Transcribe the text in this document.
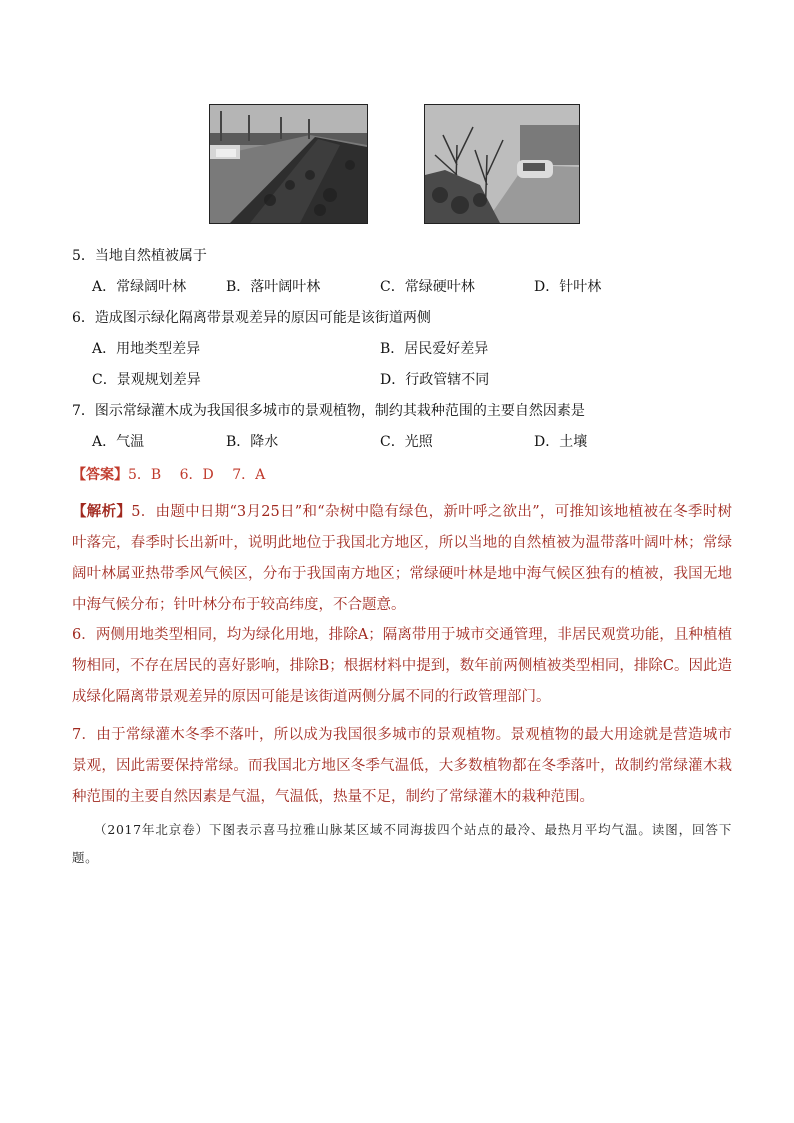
5．当地自然植被属于
A．常绿阔叶林	B．落叶阔叶林	C．常绿硬叶林	D．针叶林
6．造成图示绿化隔离带景观差异的原因可能是该街道两侧
A．用地类型差异	B．居民爱好差异
C．景观规划差异	D．行政管辖不同
7．图示常绿灌木成为我国很多城市的景观植物，制约其栽种范围的主要自然因素是
A．气温	B．降水	C．光照	D．土壤
【答案】5．B　 6．D　 7．A
【解析】5．由题中日期“3月25日”和“杂树中隐有绿色，新叶呼之欲出”，可推知该地植被在冬季时树叶落完，春季时长出新叶，说明此地位于我国北方地区，所以当地的自然植被为温带落叶阔叶林；常绿阔叶林属亚热带季风气候区，分布于我国南方地区；常绿硬叶林是地中海气候区独有的植被，我国无地中海气候分布；针叶林分布于较高纬度，不合题意。
6．两侧用地类型相同，均为绿化用地，排除A；隔离带用于城市交通管理，非居民观赏功能，且种植植物相同，不存在居民的喜好影响，排除B；根据材料中提到，数年前两侧植被类型相同，排除C。因此造成绿化隔离带景观差异的原因可能是该街道两侧分属不同的行政管理部门。
7．由于常绿灌木冬季不落叶，所以成为我国很多城市的景观植物。景观植物的最大用途就是营造城市景观，因此需要保持常绿。而我国北方地区冬季气温低，大多数植物都在冬季落叶，故制约常绿灌木栽种范围的主要自然因素是气温，气温低，热量不足，制约了常绿灌木的栽种范围。
（2017年北京卷）下图表示喜马拉雅山脉某区域不同海拔四个站点的最冷、最热月平均气温。读图，回答下题。
